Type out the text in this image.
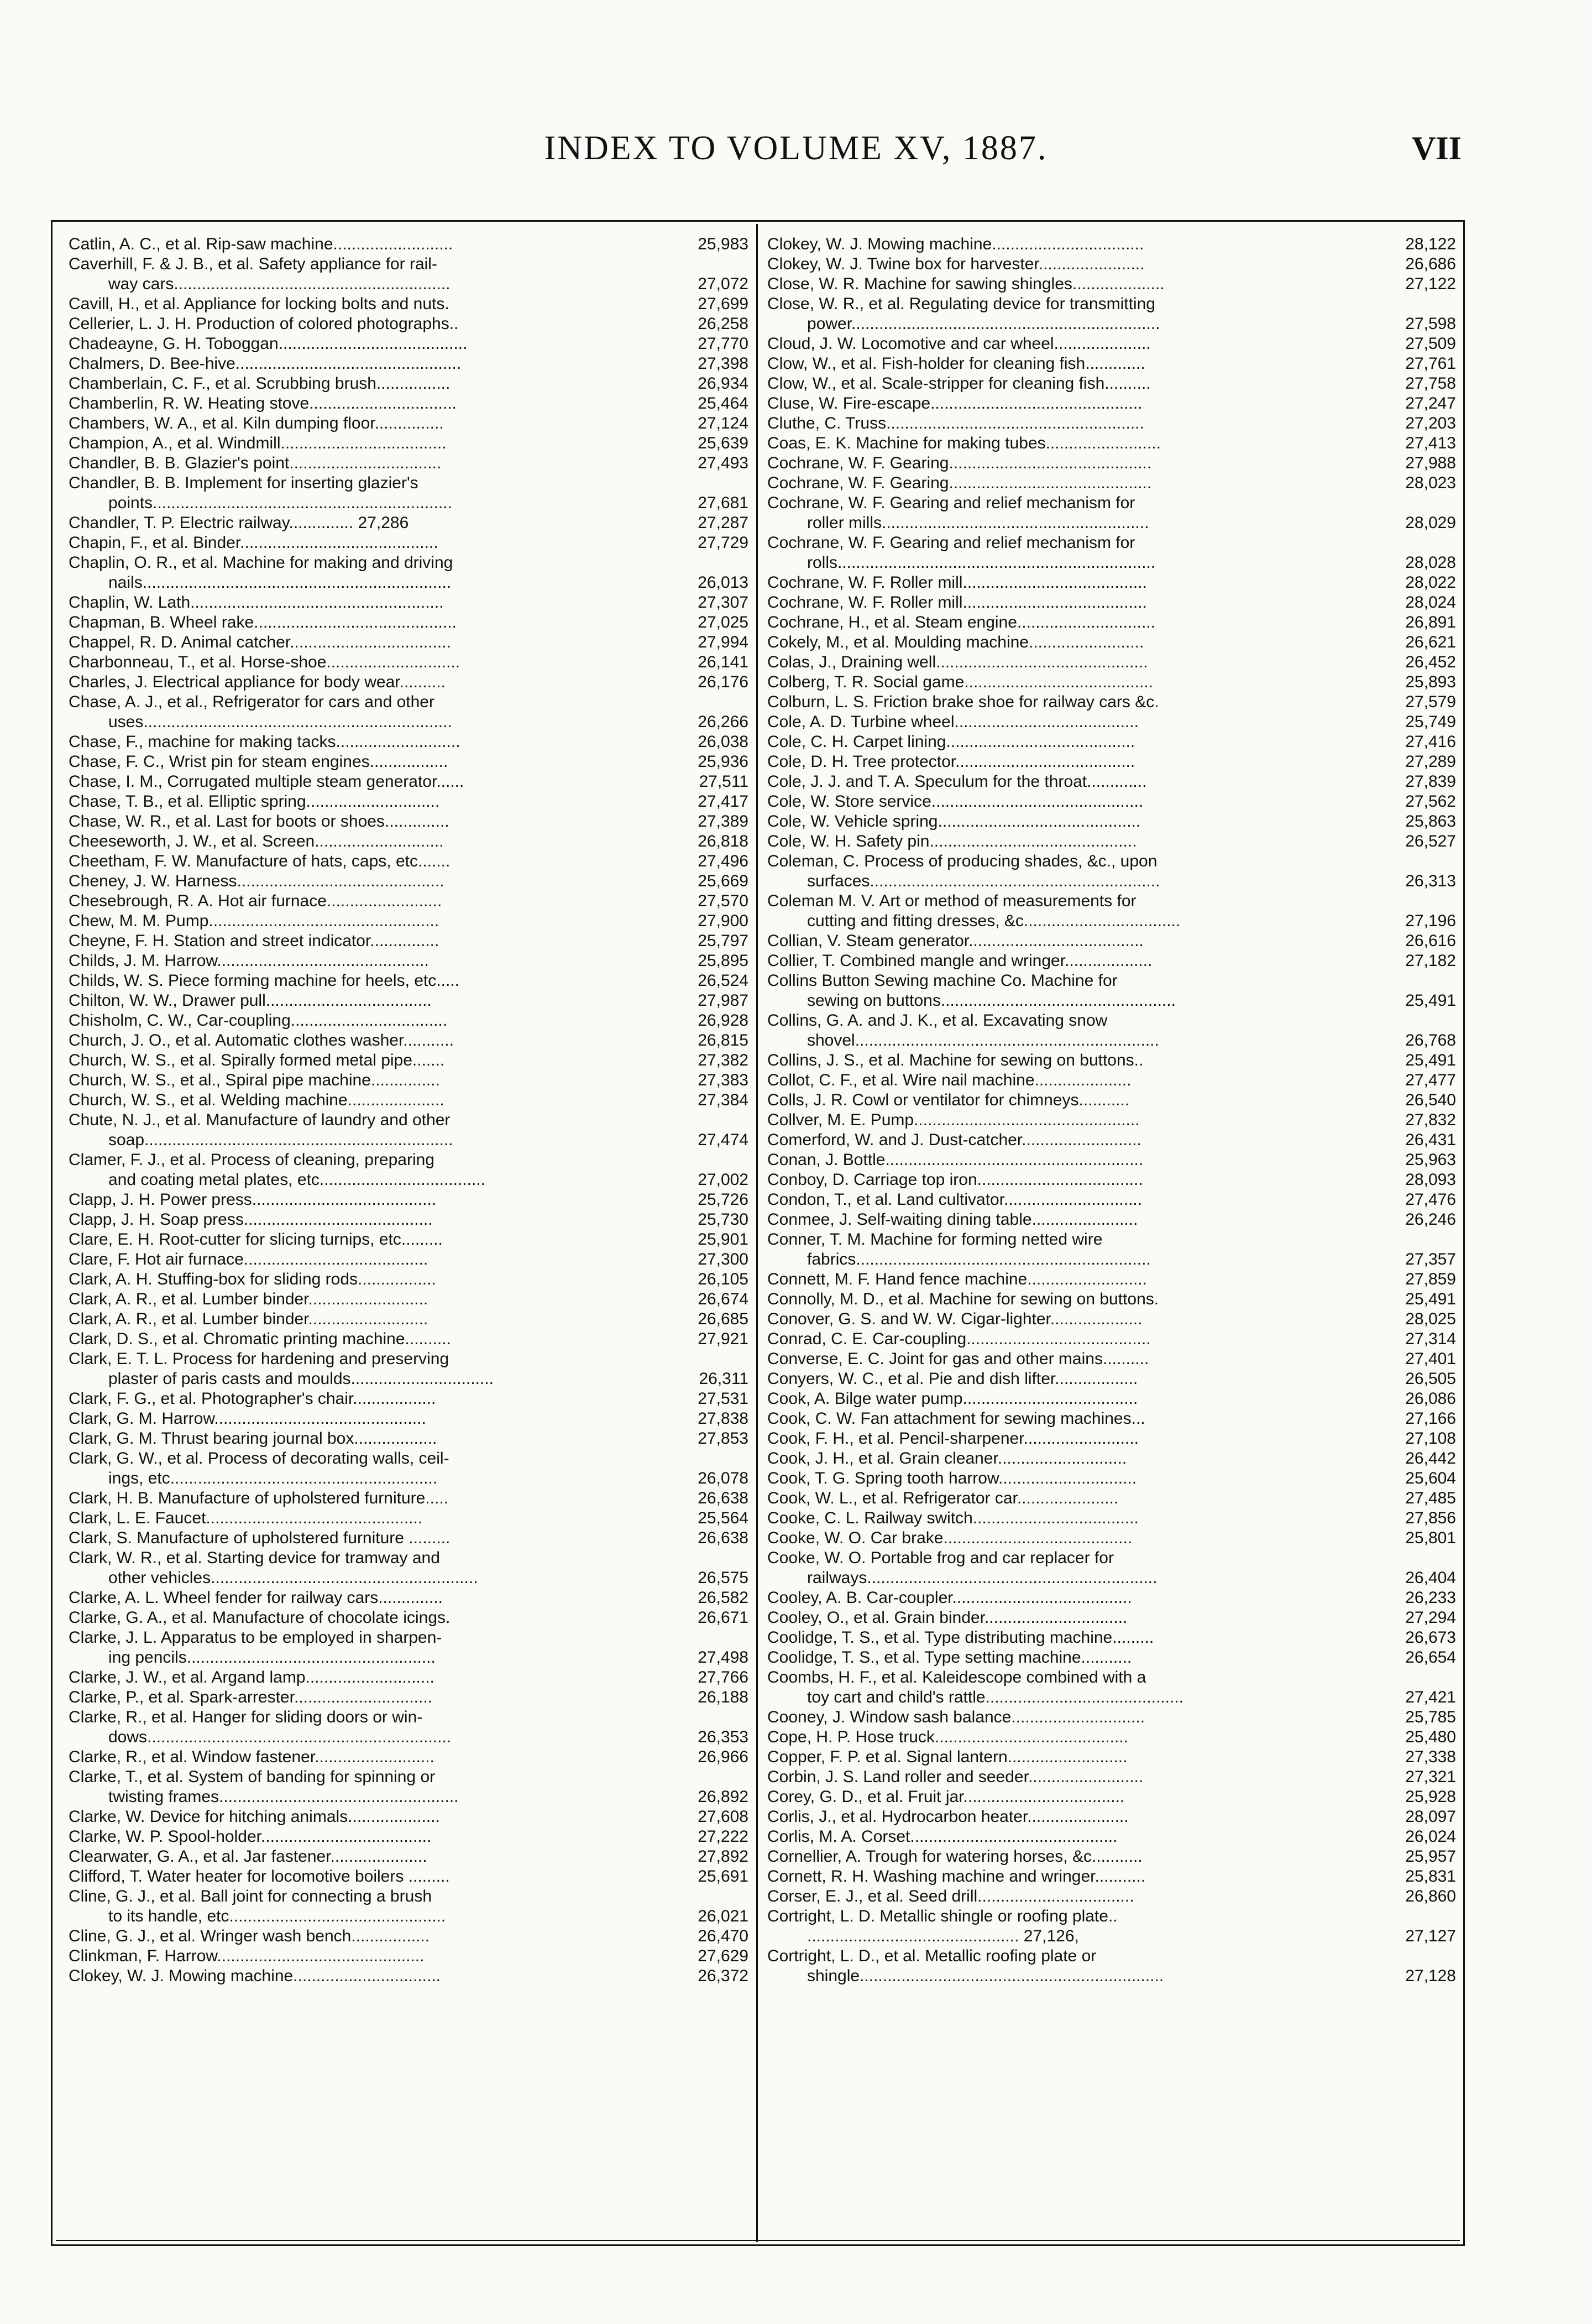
INDEX TO VOLUME XV, 1887.	VII
Catlin, A. C., et al. Rip-saw machine..........................	25,983
Caverhill, F. & J. B., et al. Safety appliance for rail-
way cars............................................................	27,072
Cavill, H., et al. Appliance for locking bolts and nuts.	27,699
Cellerier, L. J. H. Production of colored photographs..	26,258
Chadeayne, G. H. Toboggan.........................................	27,770
Chalmers, D. Bee-hive.................................................	27,398
Chamberlain, C. F., et al. Scrubbing brush................	26,934
Chamberlin, R. W. Heating stove................................	25,464
Chambers, W. A., et al. Kiln dumping floor...............	27,124
Champion, A., et al. Windmill....................................	25,639
Chandler, B. B. Glazier's point.................................	27,493
Chandler, B. B. Implement for inserting glazier's
points.................................................................	27,681
Chandler, T. P. Electric railway.............. 27,286	27,287
Chapin, F., et al. Binder...........................................	27,729
Chaplin, O. R., et al. Machine for making and driving
nails...................................................................	26,013
Chaplin, W. Lath.......................................................	27,307
Chapman, B. Wheel rake............................................	27,025
Chappel, R. D. Animal catcher...................................	27,994
Charbonneau, T., et al. Horse-shoe.............................	26,141
Charles, J. Electrical appliance for body wear..........	26,176
Chase, A. J., et al., Refrigerator for cars and other
uses...................................................................	26,266
Chase, F., machine for making tacks...........................	26,038
Chase, F. C., Wrist pin for steam engines.................	25,936
Chase, I. M., Corrugated multiple steam generator......	27,511
Chase, T. B., et al. Elliptic spring.............................	27,417
Chase, W. R., et al. Last for boots or shoes..............	27,389
Cheeseworth, J. W., et al. Screen............................	26,818
Cheetham, F. W. Manufacture of hats, caps, etc.......	27,496
Cheney, J. W. Harness.............................................	25,669
Chesebrough, R. A. Hot air furnace.........................	27,570
Chew, M. M. Pump..................................................	27,900
Cheyne, F. H. Station and street indicator...............	25,797
Childs, J. M. Harrow..............................................	25,895
Childs, W. S. Piece forming machine for heels, etc.....	26,524
Chilton, W. W., Drawer pull....................................	27,987
Chisholm, C. W., Car-coupling..................................	26,928
Church, J. O., et al. Automatic clothes washer...........	26,815
Church, W. S., et al. Spirally formed metal pipe.......	27,382
Church, W. S., et al., Spiral pipe machine...............	27,383
Church, W. S., et al. Welding machine.....................	27,384
Chute, N. J., et al. Manufacture of laundry and other
soap...................................................................	27,474
Clamer, F. J., et al. Process of cleaning, preparing
and coating metal plates, etc....................................	27,002
Clapp, J. H. Power press........................................	25,726
Clapp, J. H. Soap press.........................................	25,730
Clare, E. H. Root-cutter for slicing turnips, etc.........	25,901
Clare, F. Hot air furnace........................................	27,300
Clark, A. H. Stuffing-box for sliding rods.................	26,105
Clark, A. R., et al. Lumber binder..........................	26,674
Clark, A. R., et al. Lumber binder..........................	26,685
Clark, D. S., et al. Chromatic printing machine..........	27,921
Clark, E. T. L. Process for hardening and preserving
plaster of paris casts and moulds...............................	26,311
Clark, F. G., et al. Photographer's chair..................	27,531
Clark, G. M. Harrow..............................................	27,838
Clark, G. M. Thrust bearing journal box..................	27,853
Clark, G. W., et al. Process of decorating walls, ceil-
ings, etc..........................................................	26,078
Clark, H. B. Manufacture of upholstered furniture.....	26,638
Clark, L. E. Faucet...............................................	25,564
Clark, S. Manufacture of upholstered furniture .........	26,638
Clark, W. R., et al. Starting device for tramway and
other vehicles..........................................................	26,575
Clarke, A. L. Wheel fender for railway cars..............	26,582
Clarke, G. A., et al. Manufacture of chocolate icings.	26,671
Clarke, J. L. Apparatus to be employed in sharpen-
ing pencils......................................................	27,498
Clarke, J. W., et al. Argand lamp............................	27,766
Clarke, P., et al. Spark-arrester..............................	26,188
Clarke, R., et al. Hanger for sliding doors or win-
dows..................................................................	26,353
Clarke, R., et al. Window fastener..........................	26,966
Clarke, T., et al. System of banding for spinning or
twisting frames....................................................	26,892
Clarke, W. Device for hitching animals....................	27,608
Clarke, W. P. Spool-holder.....................................	27,222
Clearwater, G. A., et al. Jar fastener.....................	27,892
Clifford, T. Water heater for locomotive boilers .........	25,691
Cline, G. J., et al. Ball joint for connecting a brush
to its handle, etc...............................................	26,021
Cline, G. J., et al. Wringer wash bench.................	26,470
Clinkman, F. Harrow.............................................	27,629
Clokey, W. J. Mowing machine................................	26,372
Clokey, W. J. Mowing machine.................................	28,122
Clokey, W. J. Twine box for harvester.......................	26,686
Close, W. R. Machine for sawing shingles....................	27,122
Close, W. R., et al. Regulating device for transmitting
power...................................................................	27,598
Cloud, J. W. Locomotive and car wheel.....................	27,509
Clow, W., et al. Fish-holder for cleaning fish.............	27,761
Clow, W., et al. Scale-stripper for cleaning fish..........	27,758
Cluse, W. Fire-escape..............................................	27,247
Cluthe, C. Truss........................................................	27,203
Coas, E. K. Machine for making tubes.........................	27,413
Cochrane, W. F. Gearing............................................	27,988
Cochrane, W. F. Gearing............................................	28,023
Cochrane, W. F. Gearing and relief mechanism for
roller mills..........................................................	28,029
Cochrane, W. F. Gearing and relief mechanism for
rolls.....................................................................	28,028
Cochrane, W. F. Roller mill........................................	28,022
Cochrane, W. F. Roller mill........................................	28,024
Cochrane, H., et al. Steam engine..............................	26,891
Cokely, M., et al. Moulding machine.........................	26,621
Colas, J., Draining well..............................................	26,452
Colberg, T. R. Social game.........................................	25,893
Colburn, L. S. Friction brake shoe for railway cars &c.	27,579
Cole, A. D. Turbine wheel........................................	25,749
Cole, C. H. Carpet lining.........................................	27,416
Cole, D. H. Tree protector.......................................	27,289
Cole, J. J. and T. A. Speculum for the throat.............	27,839
Cole, W. Store service..............................................	27,562
Cole, W. Vehicle spring............................................	25,863
Cole, W. H. Safety pin.............................................	26,527
Coleman, C. Process of producing shades, &c., upon
surfaces...............................................................	26,313
Coleman M. V. Art or method of measurements for
cutting and fitting dresses, &c..................................	27,196
Collian, V. Steam generator......................................	26,616
Collier, T. Combined mangle and wringer...................	27,182
Collins Button Sewing machine Co. Machine for
sewing on buttons...................................................	25,491
Collins, G. A. and J. K., et al. Excavating snow
shovel..................................................................	26,768
Collins, J. S., et al. Machine for sewing on buttons..	25,491
Collot, C. F., et al. Wire nail machine.....................	27,477
Colls, J. R. Cowl or ventilator for chimneys...........	26,540
Collver, M. E. Pump.................................................	27,832
Comerford, W. and J. Dust-catcher..........................	26,431
Conan, J. Bottle........................................................	25,963
Conboy, D. Carriage top iron....................................	28,093
Condon, T., et al. Land cultivator..............................	27,476
Conmee, J. Self-waiting dining table.......................	26,246
Conner, T. M. Machine for forming netted wire
fabrics................................................................	27,357
Connett, M. F. Hand fence machine..........................	27,859
Connolly, M. D., et al. Machine for sewing on buttons.	25,491
Conover, G. S. and W. W. Cigar-lighter....................	28,025
Conrad, C. E. Car-coupling........................................	27,314
Converse, E. C. Joint for gas and other mains..........	27,401
Conyers, W. C., et al. Pie and dish lifter..................	26,505
Cook, A. Bilge water pump......................................	26,086
Cook, C. W. Fan attachment for sewing machines...	27,166
Cook, F. H., et al. Pencil-sharpener.........................	27,108
Cook, J. H., et al. Grain cleaner............................	26,442
Cook, T. G. Spring tooth harrow..............................	25,604
Cook, W. L., et al. Refrigerator car......................	27,485
Cooke, C. L. Railway switch....................................	27,856
Cooke, W. O. Car brake.........................................	25,801
Cooke, W. O. Portable frog and car replacer for
railways...............................................................	26,404
Cooley, A. B. Car-coupler.......................................	26,233
Cooley, O., et al. Grain binder...............................	27,294
Coolidge, T. S., et al. Type distributing machine.........	26,673
Coolidge, T. S., et al. Type setting machine...........	26,654
Coombs, H. F., et al. Kaleidescope combined with a
toy cart and child's rattle...........................................	27,421
Cooney, J. Window sash balance.............................	25,785
Cope, H. P. Hose truck..........................................	25,480
Copper, F. P. et al. Signal lantern..........................	27,338
Corbin, J. S. Land roller and seeder.........................	27,321
Corey, G. D., et al. Fruit jar...................................	25,928
Corlis, J., et al. Hydrocarbon heater......................	28,097
Corlis, M. A. Corset.............................................	26,024
Cornellier, A. Trough for watering horses, &c...........	25,957
Cornett, R. H. Washing machine and wringer...........	25,831
Corser, E. J., et al. Seed drill..................................	26,860
Cortright, L. D. Metallic shingle or roofing plate..
.............................................. 27,126,	27,127
Cortright, L. D., et al. Metallic roofing plate or
shingle..................................................................	27,128
